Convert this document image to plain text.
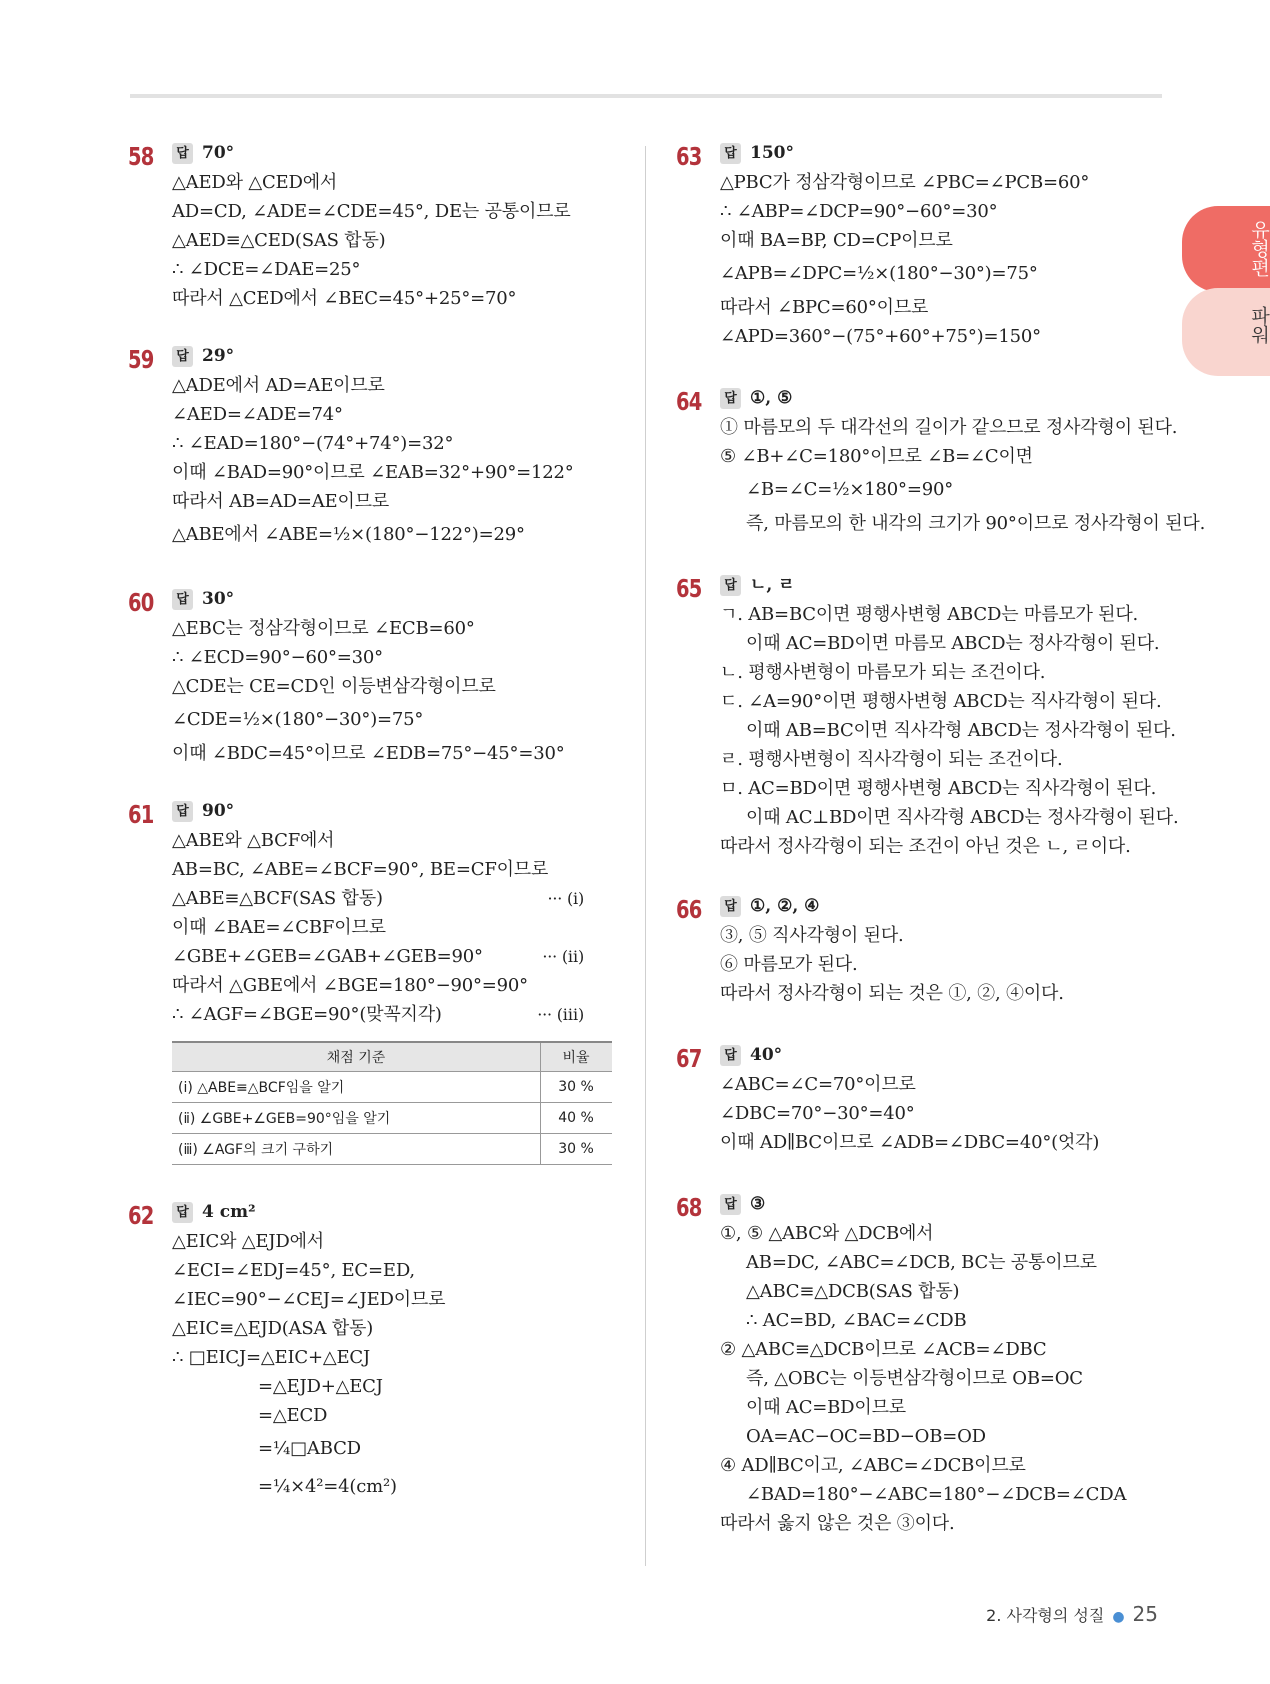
유형편
파워
58	답 70°
△AED와 △CED에서
AD=CD, ∠ADE=∠CDE=45°, DE는 공통이므로
△AED≡△CED(SAS 합동)
∴ ∠DCE=∠DAE=25°
따라서 △CED에서 ∠BEC=45°+25°=70°
59	답 29°
△ADE에서 AD=AE이므로
∠AED=∠ADE=74°
∴ ∠EAD=180°−(74°+74°)=32°
이때 ∠BAD=90°이므로 ∠EAB=32°+90°=122°
따라서 AB=AD=AE이므로
△ABE에서 ∠ABE=½×(180°−122°)=29°
60	답 30°
△EBC는 정삼각형이므로 ∠ECB=60°
∴ ∠ECD=90°−60°=30°
△CDE는 CE=CD인 이등변삼각형이므로
∠CDE=½×(180°−30°)=75°
이때 ∠BDC=45°이므로 ∠EDB=75°−45°=30°
61	답 90°
△ABE와 △BCF에서
AB=BC, ∠ABE=∠BCF=90°, BE=CF이므로
△ABE≡△BCF(SAS 합동)	··· (ⅰ)
이때 ∠BAE=∠CBF이므로
∠GBE+∠GEB=∠GAB+∠GEB=90°	··· (ⅱ)
따라서 △GBE에서 ∠BGE=180°−90°=90°
∴ ∠AGF=∠BGE=90°(맞꼭지각)	··· (ⅲ)
채점 기준	비율
(ⅰ) △ABE≡△BCF임을 알기	30 %
(ⅱ) ∠GBE+∠GEB=90°임을 알기	40 %
(ⅲ) ∠AGF의 크기 구하기	30 %
62	답 4 cm²
△EIC와 △EJD에서
∠ECI=∠EDJ=45°, EC=ED,
∠IEC=90°−∠CEJ=∠JED이므로
△EIC≡△EJD(ASA 합동)
∴ □EICJ=△EIC+△ECJ
=△EJD+△ECJ
=△ECD
=¼□ABCD
=¼×4²=4(cm²)
63	답 150°
△PBC가 정삼각형이므로 ∠PBC=∠PCB=60°
∴ ∠ABP=∠DCP=90°−60°=30°
이때 BA=BP, CD=CP이므로
∠APB=∠DPC=½×(180°−30°)=75°
따라서 ∠BPC=60°이므로
∠APD=360°−(75°+60°+75°)=150°
64	답 ①, ⑤
① 마름모의 두 대각선의 길이가 같으므로 정사각형이 된다.
⑤ ∠B+∠C=180°이므로 ∠B=∠C이면
∠B=∠C=½×180°=90°
즉, 마름모의 한 내각의 크기가 90°이므로 정사각형이 된다.
65	답 ㄴ, ㄹ
ㄱ. AB=BC이면 평행사변형 ABCD는 마름모가 된다.
이때 AC=BD이면 마름모 ABCD는 정사각형이 된다.
ㄴ. 평행사변형이 마름모가 되는 조건이다.
ㄷ. ∠A=90°이면 평행사변형 ABCD는 직사각형이 된다.
이때 AB=BC이면 직사각형 ABCD는 정사각형이 된다.
ㄹ. 평행사변형이 직사각형이 되는 조건이다.
ㅁ. AC=BD이면 평행사변형 ABCD는 직사각형이 된다.
이때 AC⊥BD이면 직사각형 ABCD는 정사각형이 된다.
따라서 정사각형이 되는 조건이 아닌 것은 ㄴ, ㄹ이다.
66	답 ①, ②, ④
③, ⑤ 직사각형이 된다.
⑥ 마름모가 된다.
따라서 정사각형이 되는 것은 ①, ②, ④이다.
67	답 40°
∠ABC=∠C=70°이므로
∠DBC=70°−30°=40°
이때 AD∥BC이므로 ∠ADB=∠DBC=40°(엇각)
68	답 ③
①, ⑤ △ABC와 △DCB에서
AB=DC, ∠ABC=∠DCB, BC는 공통이므로
△ABC≡△DCB(SAS 합동)
∴ AC=BD, ∠BAC=∠CDB
② △ABC≡△DCB이므로 ∠ACB=∠DBC
즉, △OBC는 이등변삼각형이므로 OB=OC
이때 AC=BD이므로
OA=AC−OC=BD−OB=OD
④ AD∥BC이고, ∠ABC=∠DCB이므로
∠BAD=180°−∠ABC=180°−∠DCB=∠CDA
따라서 옳지 않은 것은 ③이다.
2. 사각형의 성질 ● 25
